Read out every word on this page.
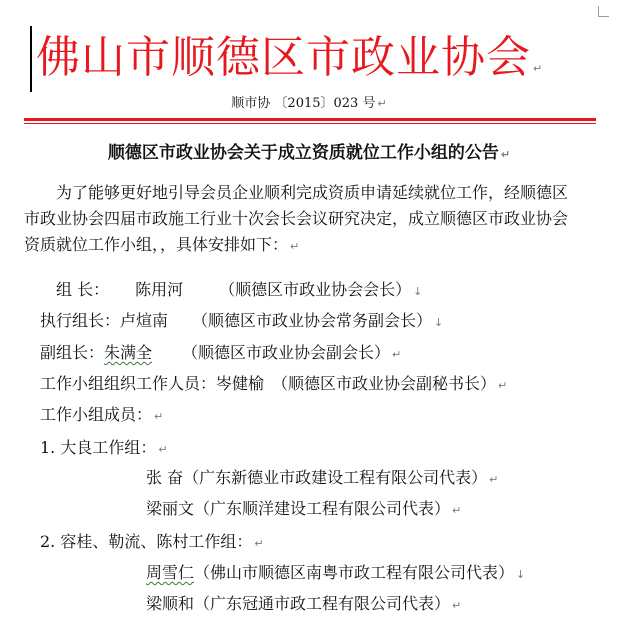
佛山市顺德区市政业协会 ↵
顺市协 〔2015〕023 号 ↵
顺德区市政业协会关于成立资质就位工作小组的公告 ↵
为了能够更好地引导会员企业顺利完成资质申请延续就位工作，经顺德区
市政业协会四届市政施工行业十次会长会议研究决定，成立顺德区市政业协会
资质就位工作小组，，具体安排如下： ↵
组 长： 陈用河 （顺德区市政业协会会长） ↓
执行组长：卢煊南 （顺德区市政业协会常务副会长） ↓
副组长：朱满全 （顺德区市政业协会副会长） ↵
工作小组组织工作人员：岑健榆 （顺德区市政业协会副秘书长） ↵
工作小组成员： ↵
1. 大良工作组： ↵
张 奋（广东新德业市政建设工程有限公司代表） ↵
梁丽文（广东顺洋建设工程有限公司代表） ↵
2. 容桂、勒流、陈村工作组： ↵
周雪仁（佛山市顺德区南粤市政工程有限公司代表） ↓
梁顺和（广东冠通市政工程有限公司代表） ↵
